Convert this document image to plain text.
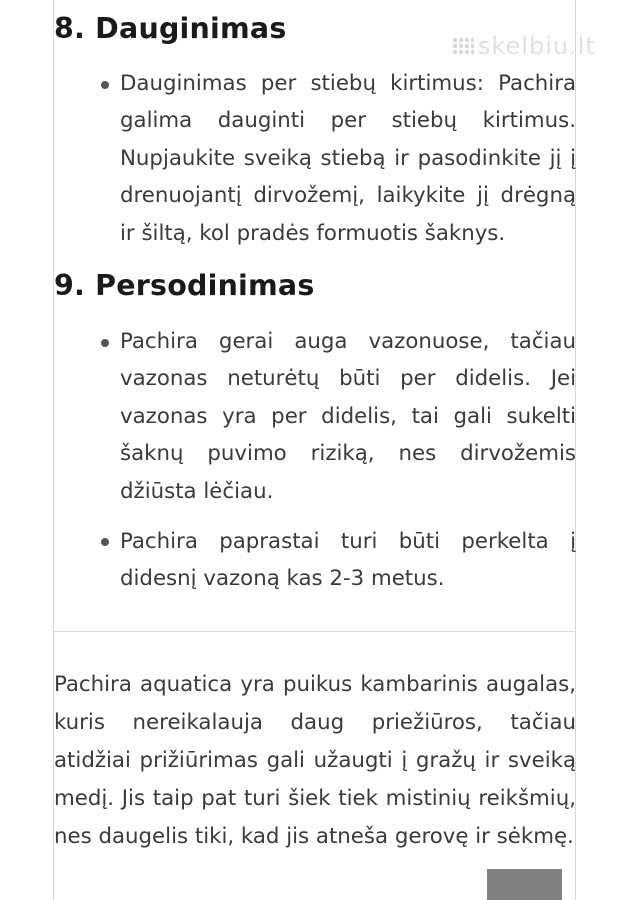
skelbiu.lt
8. Dauginimas

Dauginimas per stiebų kirtimus: Pachira galima dauginti per stiebų kirtimus. Nupjaukite sveiką stiebą ir pasodinkite jį į drenuojantį dirvožemį, laikykite jį drėgną ir šiltą, kol pradės formuotis šaknys.

9. Persodinimas

Pachira gerai auga vazonuose, tačiau vazonas neturėtų būti per didelis. Jei vazonas yra per didelis, tai gali sukelti šaknų puvimo riziką, nes dirvožemis džiūsta lėčiau.

Pachira paprastai turi būti perkelta į didesnį vazoną kas 2-3 metus.

Pachira aquatica yra puikus kambarinis augalas, kuris nereikalauja daug priežiūros, tačiau atidžiai prižiūrimas gali užaugti į gražų ir sveiką medį. Jis taip pat turi šiek tiek mistinių reikšmių, nes daugelis tiki, kad jis atneša gerovę ir sėkmę.
